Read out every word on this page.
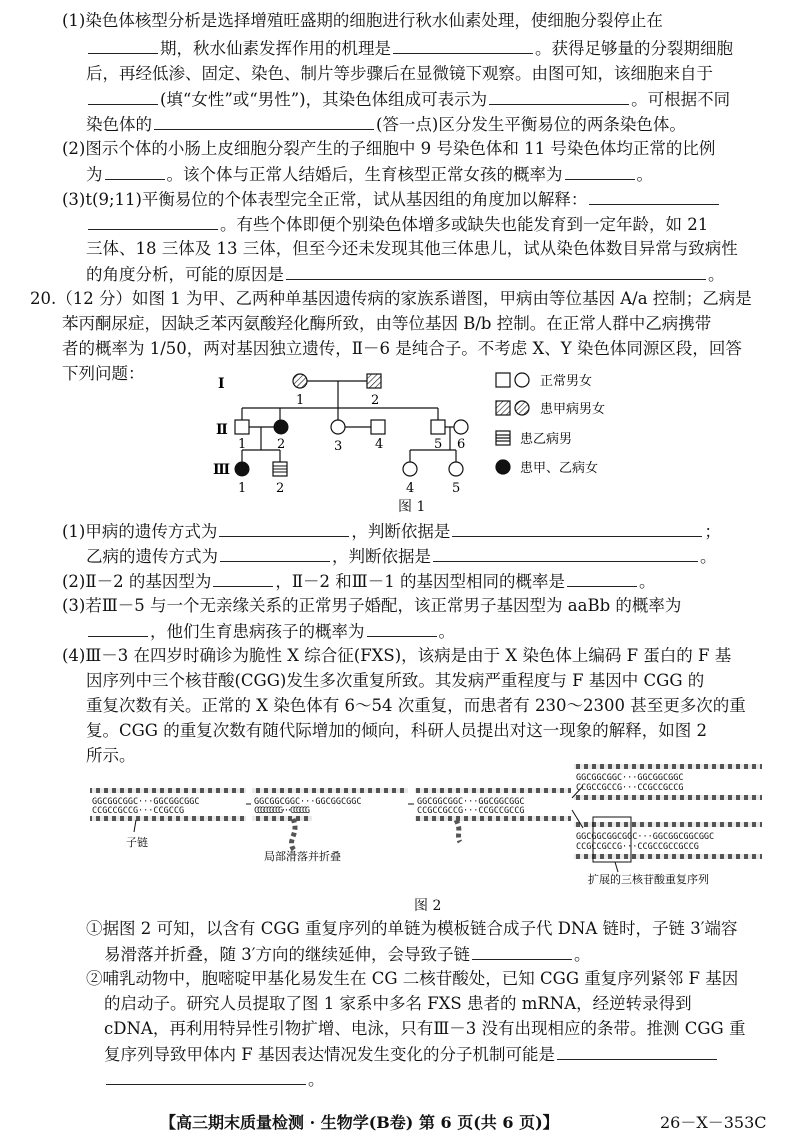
(1)染色体核型分析是选择增殖旺盛期的细胞进行秋水仙素处理，使细胞分裂停止在
期，秋水仙素发挥作用的机理是	。获得足够量的分裂期细胞
后，再经低渗、固定、染色、制片等步骤后在显微镜下观察。由图可知，该细胞来自于
(填“女性”或“男性”)，其染色体组成可表示为	。可根据不同
染色体的	(答一点)区分发生平衡易位的两条染色体。
(2)图示个体的小肠上皮细胞分裂产生的子细胞中 9 号染色体和 11 号染色体均正常的比例
为	。该个体与正常人结婚后，生育核型正常女孩的概率为	。
(3)t(9;11)平衡易位的个体表型完全正常，试从基因组的角度加以解释：
。有些个体即便个别染色体增多或缺失也能发育到一定年龄，如 21
三体、18 三体及 13 三体，但至今还未发现其他三体患儿，试从染色体数目异常与致病性
的角度分析，可能的原因是	。
20.（12 分）如图 1 为甲、乙两种单基因遗传病的家族系谱图，甲病由等位基因 A/a 控制；乙病是
苯丙酮尿症，因缺乏苯丙氨酸羟化酶所致，由等位基因 B/b 控制。在正常人群中乙病携带
者的概率为 1/50，两对基因独立遗传，Ⅱ－6 是纯合子。不考虑 X、Y 染色体同源区段，回答
下列问题：
Ⅰ
Ⅱ
Ⅲ
1	2
1 2	3	4	5 6
1 2	3	4	5
正常男女
患甲病男女
患乙病男
患甲、乙病女
图 1
(1)甲病的遗传方式为	，判断依据是	；
乙病的遗传方式为	，判断依据是	。
(2)Ⅱ－2 的基因型为	，Ⅱ－2 和Ⅲ－1 的基因型相同的概率是	。
(3)若Ⅲ－5 与一个无亲缘关系的正常男子婚配，该正常男子基因型为 aaBb 的概率为
，他们生育患病孩子的概率为	。
(4)Ⅲ－3 在四岁时确诊为脆性 X 综合征(FXS)，该病是由于 X 染色体上编码 F 蛋白的 F 基
因序列中三个核苷酸(CGG)发生多次重复所致。其发病严重程度与 F 基因中 CGG 的
重复次数有关。正常的 X 染色体有 6～54 次重复，而患者有 230～2300 甚至更多次的重
复。CGG 的重复次数有随代际增加的倾向，科研人员提出对这一现象的解释，如图 2
所示。
GGCGGCGGC···GGCGGCGGC
CCGCCGCCG···CCGCCG
GGCGGCGGC···GGCGGCGGC
CCGCCGCCG···CCGCCG
GGCGGCGGC···GGCGGCGGC
CCGCCGCCG···CCGCCGCCG
GGCGGCGGC···GGCGGCGGC
CCGCCGCCG···CCGCCGCCG
GGCGGCGGCGGC···GGCGGCGGCGGC
CCGCCGCCG···CCGCCGCCGCCG
子链
局部滑落并折叠
扩展的三核苷酸重复序列
图 2
①据图 2 可知，以含有 CGG 重复序列的单链为模板链合成子代 DNA 链时，子链 3′端容
易滑落并折叠，随 3′方向的继续延伸，会导致子链	。
②哺乳动物中，胞嘧啶甲基化易发生在 CG 二核苷酸处，已知 CGG 重复序列紧邻 F 基因
的启动子。研究人员提取了图 1 家系中多名 FXS 患者的 mRNA，经逆转录得到
cDNA，再利用特异性引物扩增、电泳，只有Ⅲ－3 没有出现相应的条带。推测 CGG 重
复序列导致甲体内 F 基因表达情况发生变化的分子机制可能是
。
【高三期末质量检测 · 生物学(B卷) 第 6 页(共 6 页)】	26－X－353C
